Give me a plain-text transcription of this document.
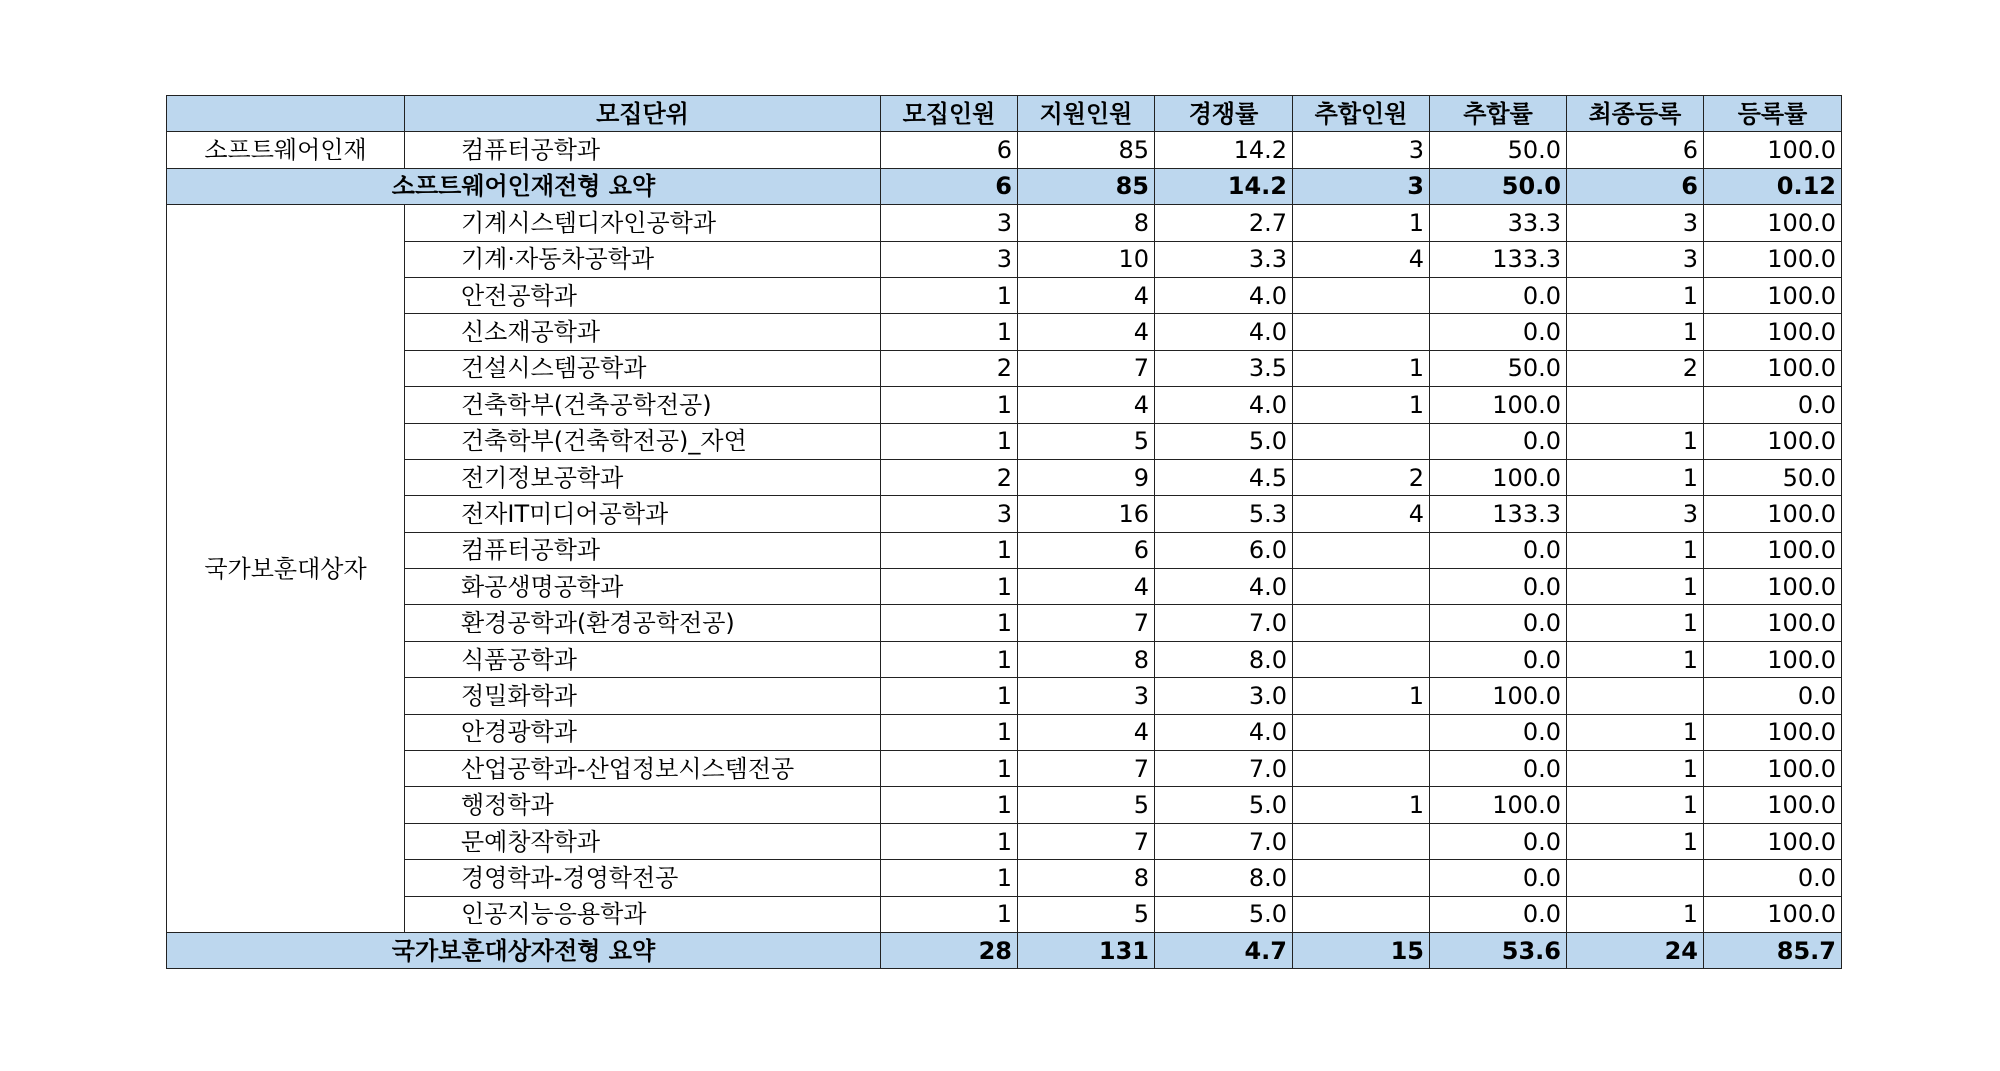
	모집단위	모집인원	지원인원	경쟁률	추합인원	추합률	최종등록	등록률
소프트웨어인재	컴퓨터공학과	6	85	14.2	3	50.0	6	100.0
소프트웨어인재전형 요약		6	85	14.2	3	50.0	6	0.12
국가보훈대상자	기계시스템디자인공학과	3	8	2.7	1	33.3	3	100.0
	기계·자동차공학과	3	10	3.3	4	133.3	3	100.0
	안전공학과	1	4	4.0		0.0	1	100.0
	신소재공학과	1	4	4.0		0.0	1	100.0
	건설시스템공학과	2	7	3.5	1	50.0	2	100.0
	건축학부(건축공학전공)	1	4	4.0	1	100.0		0.0
	건축학부(건축학전공)_자연	1	5	5.0		0.0	1	100.0
	전기정보공학과	2	9	4.5	2	100.0	1	50.0
	전자IT미디어공학과	3	16	5.3	4	133.3	3	100.0
	컴퓨터공학과	1	6	6.0		0.0	1	100.0
	화공생명공학과	1	4	4.0		0.0	1	100.0
	환경공학과(환경공학전공)	1	7	7.0		0.0	1	100.0
	식품공학과	1	8	8.0		0.0	1	100.0
	정밀화학과	1	3	3.0	1	100.0		0.0
	안경광학과	1	4	4.0		0.0	1	100.0
	산업공학과-산업정보시스템전공	1	7	7.0		0.0	1	100.0
	행정학과	1	5	5.0	1	100.0	1	100.0
	문예창작학과	1	7	7.0		0.0	1	100.0
	경영학과-경영학전공	1	8	8.0		0.0		0.0
	인공지능응용학과	1	5	5.0		0.0	1	100.0
국가보훈대상자전형 요약		28	131	4.7	15	53.6	24	85.7
